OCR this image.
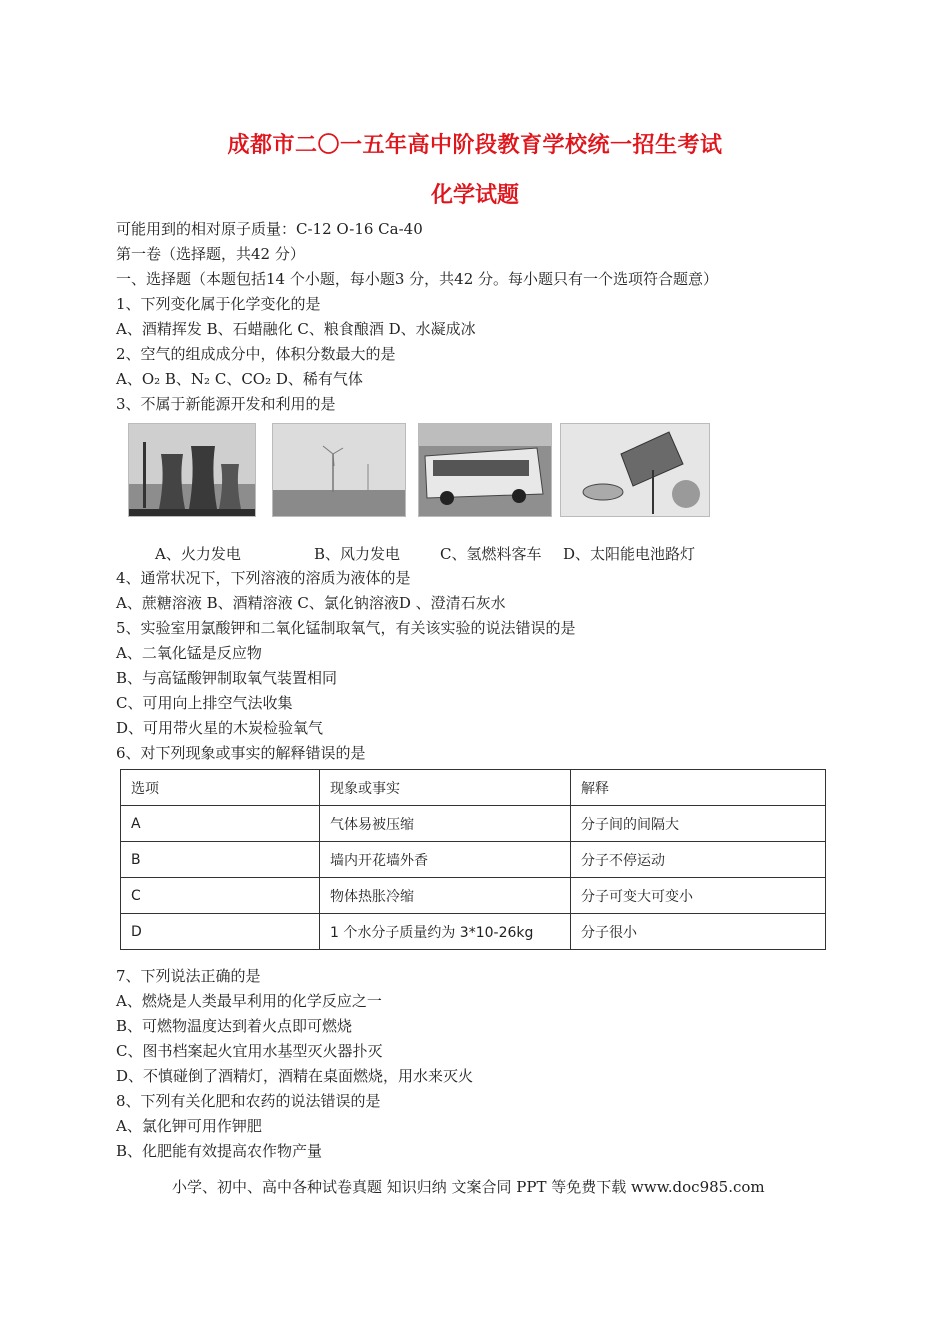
成都市二〇一五年高中阶段教育学校统一招生考试
化学试题
可能用到的相对原子质量：C-12 O-16 Ca-40
第一卷（选择题，共42 分）
一、选择题（本题包括14 个小题，每小题3 分，共42 分。每小题只有一个选项符合题意）
1、下列变化属于化学变化的是
A、酒精挥发 B、石蜡融化 C、粮食酿酒 D、水凝成冰
2、空气的组成成分中，体积分数最大的是
A、O₂ B、N₂ C、CO₂ D、稀有气体
3、不属于新能源开发和利用的是
A、火力发电	B、风力发电	C、氢燃料客车 D、太阳能电池路灯
4、通常状况下，下列溶液的溶质为液体的是
A、蔗糖溶液 B、酒精溶液 C、氯化钠溶液D 、澄清石灰水
5、实验室用氯酸钾和二氧化锰制取氧气，有关该实验的说法错误的是
A、二氧化锰是反应物
B、与高锰酸钾制取氧气装置相同
C、可用向上排空气法收集
D、可用带火星的木炭检验氧气
6、对下列现象或事实的解释错误的是
选项	现象或事实	解释
A	气体易被压缩	分子间的间隔大
B	墙内开花墙外香	分子不停运动
C	物体热胀冷缩	分子可变大可变小
D	1 个水分子质量约为 3*10-26kg	分子很小
7、下列说法正确的是
A、燃烧是人类最早利用的化学反应之一
B、可燃物温度达到着火点即可燃烧
C、图书档案起火宜用水基型灭火器扑灭
D、不慎碰倒了酒精灯，酒精在桌面燃烧，用水来灭火
8、下列有关化肥和农药的说法错误的是
A、氯化钾可用作钾肥
B、化肥能有效提高农作物产量
小学、初中、高中各种试卷真题 知识归纳 文案合同 PPT 等免费下载 www.doc985.com
